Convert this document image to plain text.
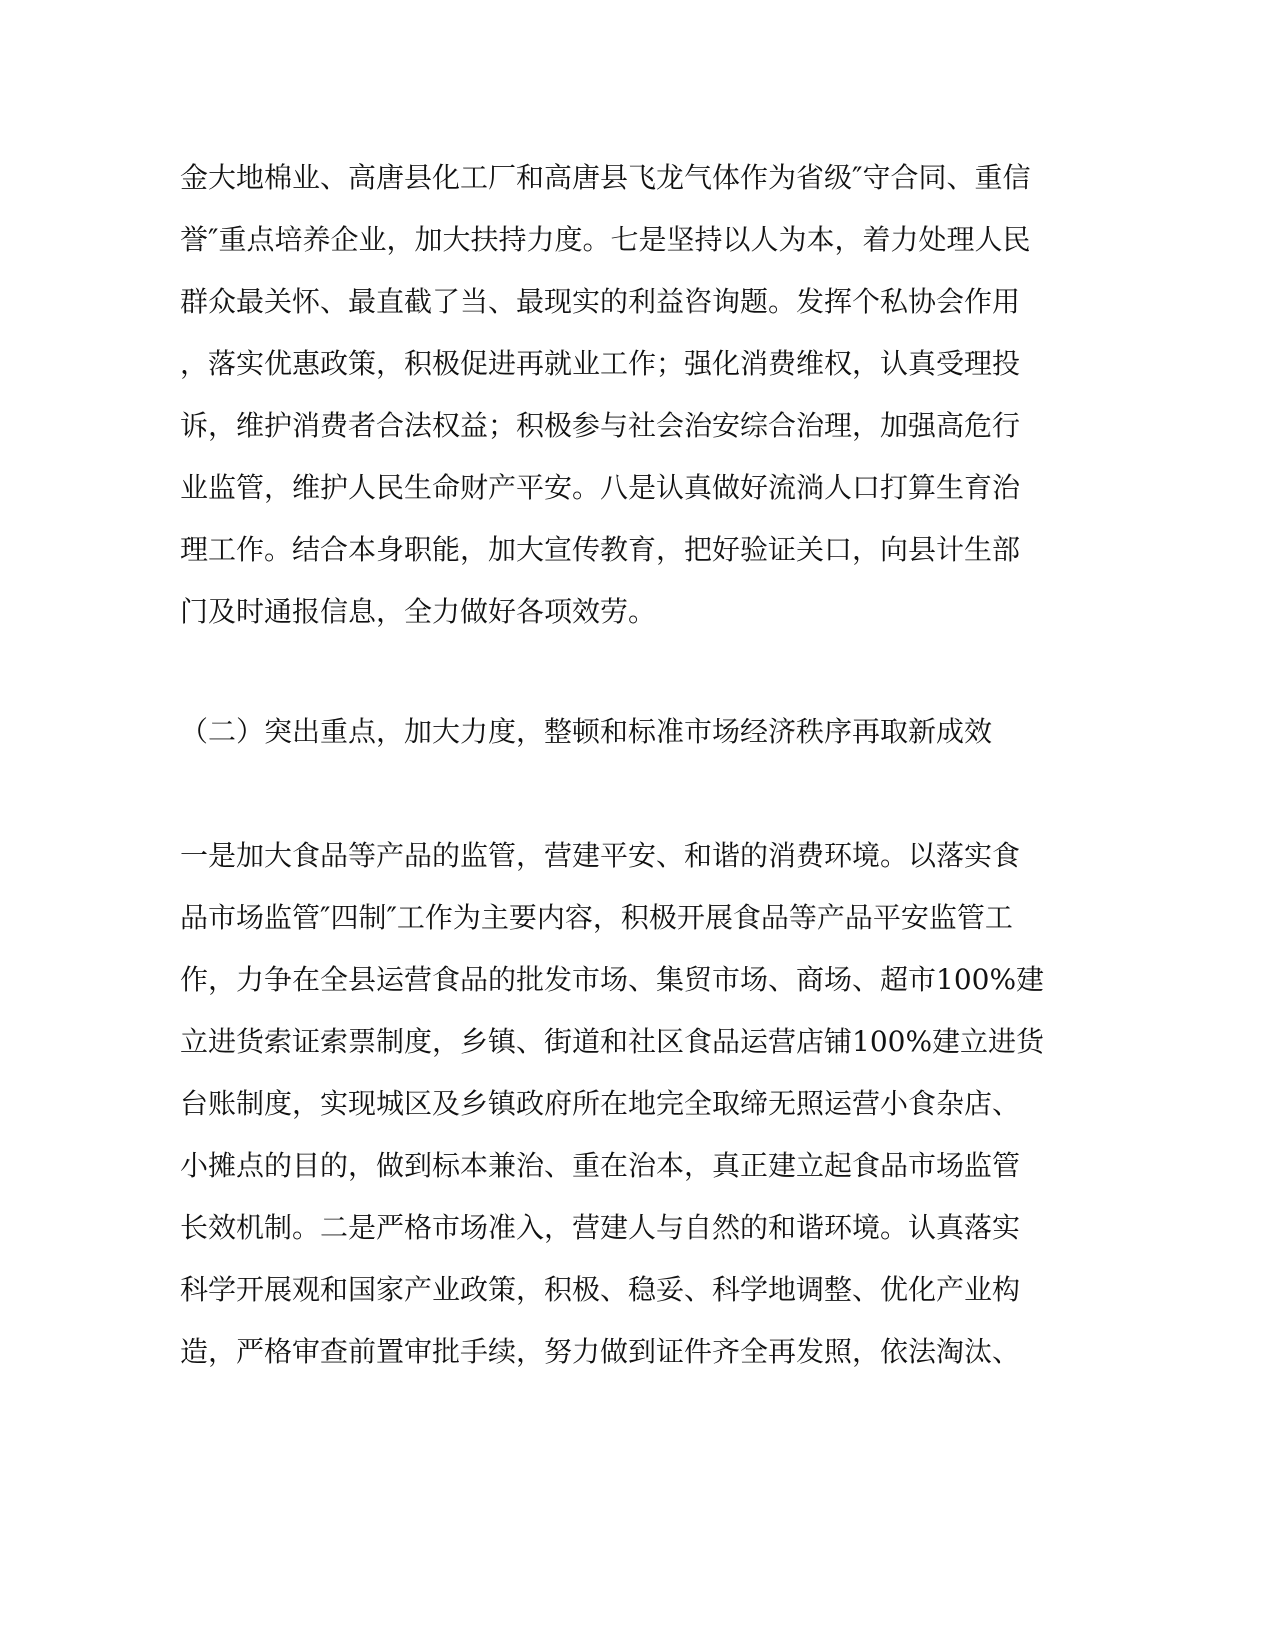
金大地棉业、高唐县化工厂和高唐县飞龙气体作为省级″守合同、重信
誉″重点培养企业，加大扶持力度。七是坚持以人为本，着力处理人民
群众最关怀、最直截了当、最现实的利益咨询题。发挥个私协会作用
，落实优惠政策，积极促进再就业工作；强化消费维权，认真受理投
诉，维护消费者合法权益；积极参与社会治安综合治理，加强高危行
业监管，维护人民生命财产平安。八是认真做好流淌人口打算生育治
理工作。结合本身职能，加大宣传教育，把好验证关口，向县计生部
门及时通报信息，全力做好各项效劳。
（二）突出重点，加大力度，整顿和标准市场经济秩序再取新成效
一是加大食品等产品的监管，营建平安、和谐的消费环境。以落实食
品市场监管″四制″工作为主要内容，积极开展食品等产品平安监管工
作，力争在全县运营食品的批发市场、集贸市场、商场、超市100%建
立进货索证索票制度，乡镇、街道和社区食品运营店铺100%建立进货
台账制度，实现城区及乡镇政府所在地完全取缔无照运营小食杂店、
小摊点的目的，做到标本兼治、重在治本，真正建立起食品市场监管
长效机制。二是严格市场准入，营建人与自然的和谐环境。认真落实
科学开展观和国家产业政策，积极、稳妥、科学地调整、优化产业构
造，严格审查前置审批手续，努力做到证件齐全再发照，依法淘汰、
